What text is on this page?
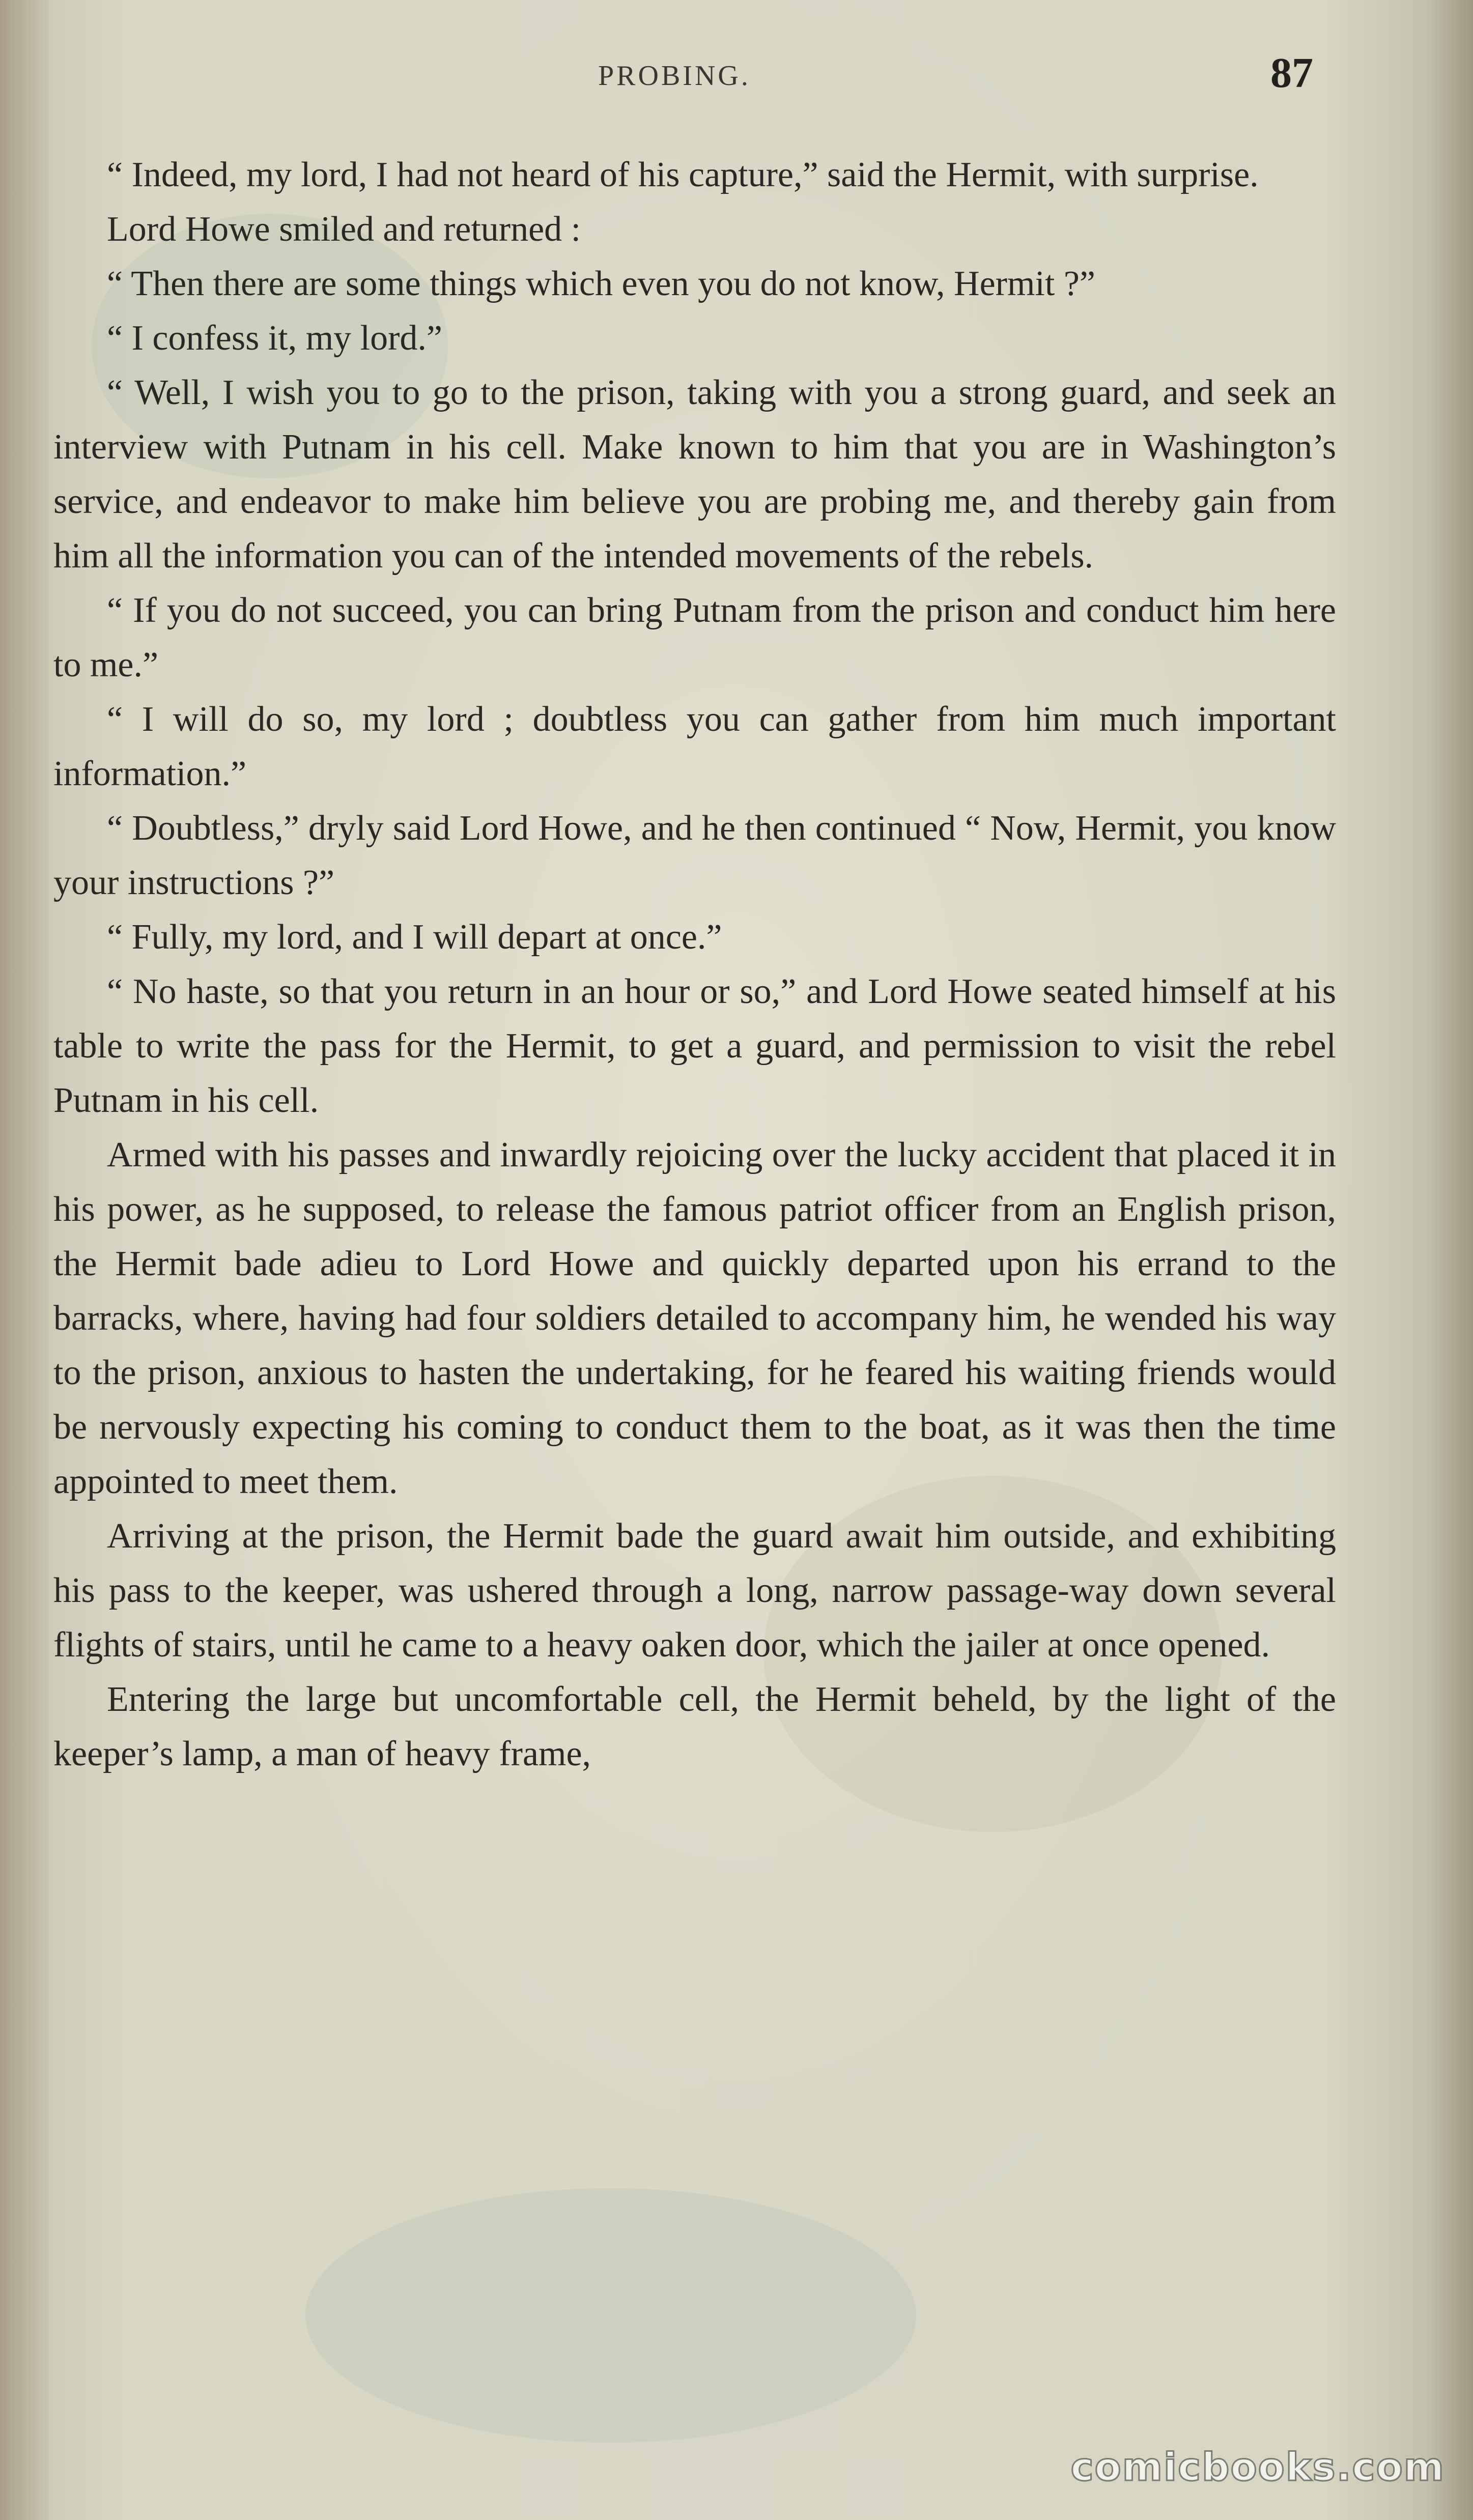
PROBING.	87

“ Indeed, my lord, I had not heard of his capture,” said the Hermit, with surprise.

Lord Howe smiled and returned :

“ Then there are some things which even you do not know, Hermit ?”

“ I confess it, my lord.”

“ Well, I wish you to go to the prison, taking with you a strong guard, and seek an interview with Putnam in his cell. Make known to him that you are in Washington’s service, and endeavor to make him believe you are probing me, and thereby gain from him all the information you can of the intended movements of the rebels.

“ If you do not succeed, you can bring Putnam from the prison and conduct him here to me.”

“ I will do so, my lord ; doubtless you can gather from him much important information.”

“ Doubtless,” dryly said Lord Howe, and he then continued “ Now, Hermit, you know your instructions ?”

“ Fully, my lord, and I will depart at once.”

“ No haste, so that you return in an hour or so,” and Lord Howe seated himself at his table to write the pass for the Hermit, to get a guard, and permission to visit the rebel Putnam in his cell.

Armed with his passes and inwardly rejoicing over the lucky accident that placed it in his power, as he supposed, to release the famous patriot officer from an English prison, the Hermit bade adieu to Lord Howe and quickly departed upon his errand to the barracks, where, having had four soldiers detailed to accompany him, he wended his way to the prison, anxious to hasten the undertaking, for he feared his waiting friends would be nervously expecting his coming to conduct them to the boat, as it was then the time appointed to meet them.

Arriving at the prison, the Hermit bade the guard await him outside, and exhibiting his pass to the keeper, was ushered through a long, narrow passage-way down several flights of stairs, until he came to a heavy oaken door, which the jailer at once opened.

Entering the large but uncomfortable cell, the Hermit beheld, by the light of the keeper’s lamp, a man of heavy frame,

comicbooks.com
